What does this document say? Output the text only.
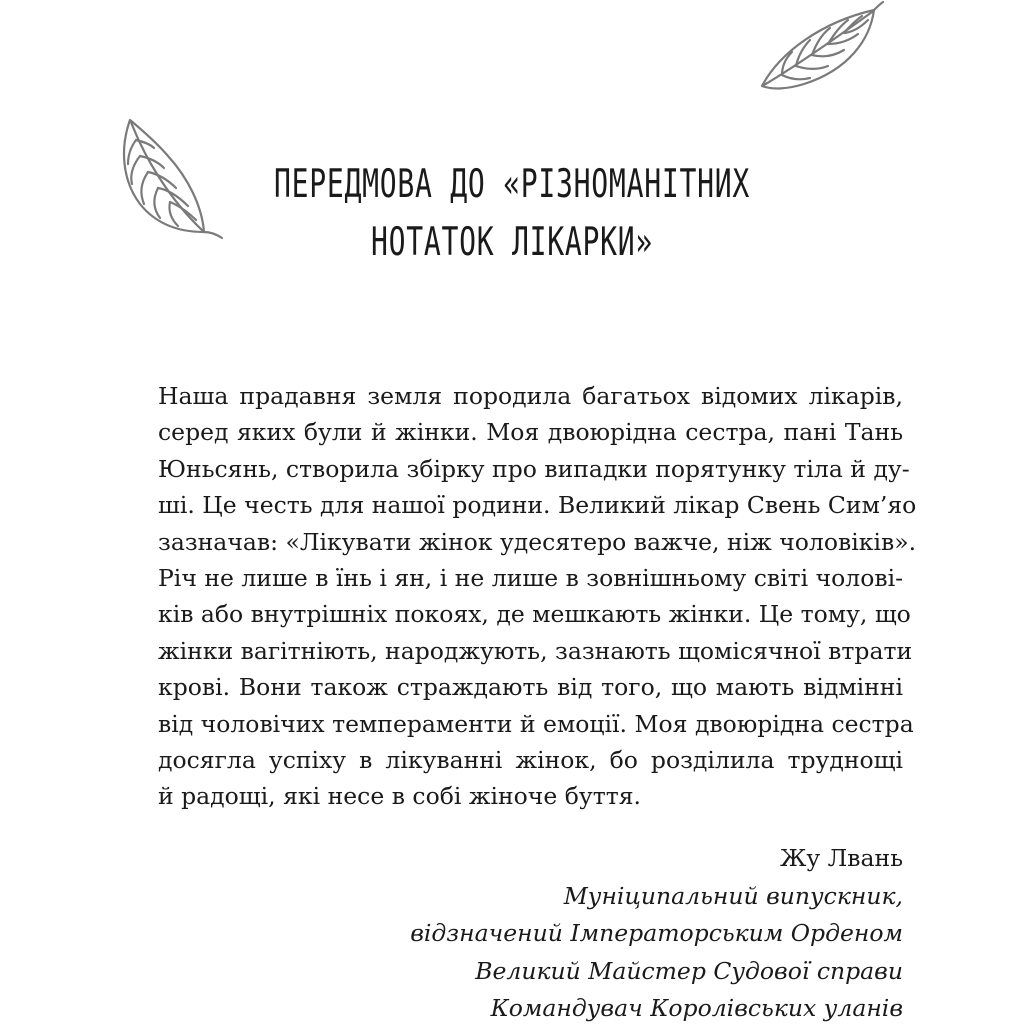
ПЕРЕДМОВА ДО «РІЗНОМАНІТНИХ
НОТАТОК ЛІКАРКИ»
Наша прадавня земля породила багатьох відомих лікарів,
серед яких були й жінки. Моя двоюрідна сестра, пані Тань
Юньсянь, створила збірку про випадки порятунку тіла й ду-
ші. Це честь для нашої родини. Великий лікар Свень Сим’яо
зазначав: «Лікувати жінок удесятеро важче, ніж чоловіків».
Річ не лише в їнь і ян, і не лише в зовнішньому світі чолові-
ків або внутрішніх покоях, де мешкають жінки. Це тому, що
жінки вагітніють, народжують, зазнають щомісячної втрати
крові. Вони також страждають від того, що мають відмінні
від чоловічих темпераменти й емоції. Моя двоюрідна сестра
досягла успіху в лікуванні жінок, бо розділила труднощі
й радощі, які несе в собі жіноче буття.
Жу Лвань
Муніципальний випускник,
відзначений Імператорським Орденом
Великий Майстер Судової справи
Командувач Королівських уланів
